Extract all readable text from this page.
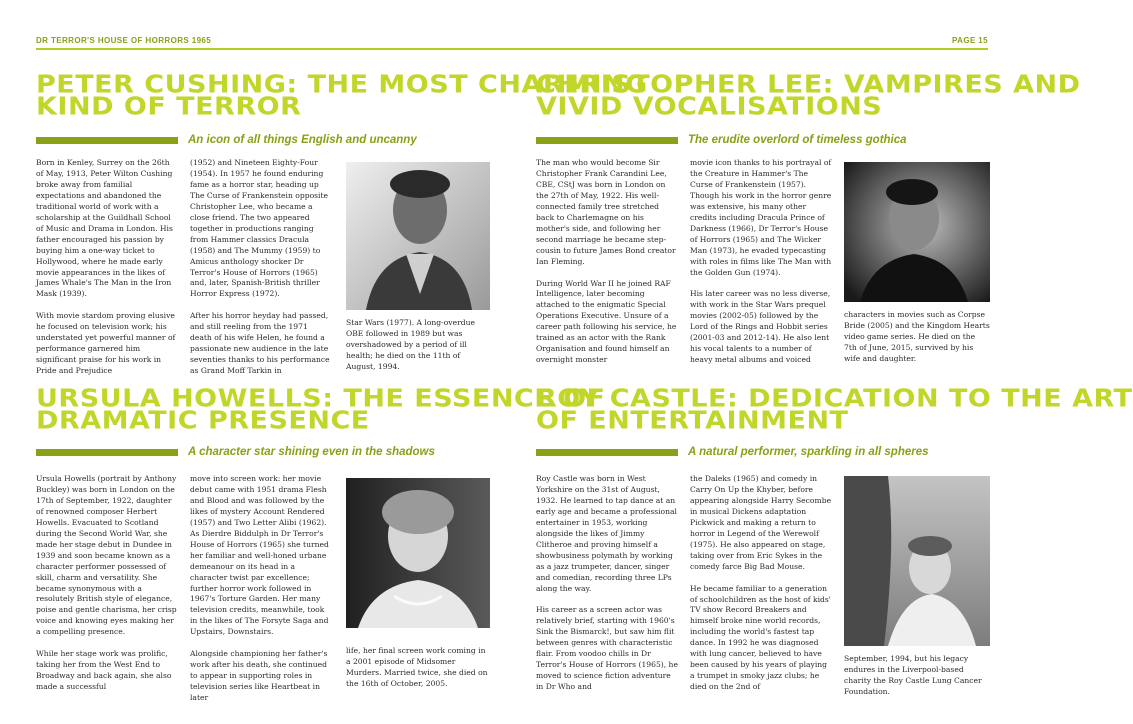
DR TERROR'S HOUSE OF HORRORS 1965	PAGE 15
PETER CUSHING: THE MOST CHARMING
KIND OF TERROR
An icon of all things English and uncanny

Born in Kenley, Surrey on the 26th of May, 1913, Peter Wilton Cushing broke away from familial expectations and abandoned the traditional world of work with a scholarship at the Guildhall School of Music and Drama in London. His father encouraged his passion by buying him a one-way ticket to Hollywood, where he made early movie appearances in the likes of James Whale's The Man in the Iron Mask (1939).

With movie stardom proving elusive he focused on television work; his understated yet powerful manner of performance garnered him significant praise for his work in Pride and Prejudice

(1952) and Nineteen Eighty-Four (1954). In 1957 he found enduring fame as a horror star, heading up The Curse of Frankenstein opposite Christopher Lee, who became a close friend. The two appeared together in productions ranging from Hammer classics Dracula (1958) and The Mummy (1959) to Amicus anthology shocker Dr Terror's House of Horrors (1965) and, later, Spanish-British thriller Horror Express (1972).

After his horror heyday had passed, and still reeling from the 1971 death of his wife Helen, he found a passionate new audience in the late seventies thanks to his performance as Grand Moff Tarkin in

Star Wars (1977). A long-overdue OBE followed in 1989 but was overshadowed by a period of ill health; he died on the 11th of August, 1994.

CHRISTOPHER LEE: VAMPIRES AND
VIVID VOCALISATIONS
The erudite overlord of timeless gothica

The man who would become Sir Christopher Frank Carandini Lee, CBE, CStJ was born in London on the 27th of May, 1922. His well-connected family tree stretched back to Charlemagne on his mother's side, and following her second marriage he became step-cousin to future James Bond creator Ian Fleming.

During World War II he joined RAF Intelligence, later becoming attached to the enigmatic Special Operations Executive. Unsure of a career path following his service, he trained as an actor with the Rank Organisation and found himself an overnight monster

movie icon thanks to his portrayal of the Creature in Hammer's The Curse of Frankenstein (1957). Though his work in the horror genre was extensive, his many other credits including Dracula Prince of Darkness (1966), Dr Terror's House of Horrors (1965) and The Wicker Man (1973), he evaded typecasting with roles in films like The Man with the Golden Gun (1974).

His later career was no less diverse, with work in the Star Wars prequel movies (2002-05) followed by the Lord of the Rings and Hobbit series (2001-03 and 2012-14). He also lent his vocal talents to a number of heavy metal albums and voiced

characters in movies such as Corpse Bride (2005) and the Kingdom Hearts video game series. He died on the 7th of June, 2015, survived by his wife and daughter.

URSULA HOWELLS: THE ESSENCE OF
DRAMATIC PRESENCE
A character star shining even in the shadows

Ursula Howells (portrait by Anthony Buckley) was born in London on the 17th of September, 1922, daughter of renowned composer Herbert Howells. Evacuated to Scotland during the Second World War, she made her stage debut in Dundee in 1939 and soon became known as a character performer possessed of skill, charm and versatility. She became synonymous with a resolutely British style of elegance, poise and gentle charisma, her crisp voice and knowing eyes making her a compelling presence.

While her stage work was prolific, taking her from the West End to Broadway and back again, she also made a successful

move into screen work: her movie debut came with 1951 drama Flesh and Blood and was followed by the likes of mystery Account Rendered (1957) and Two Letter Alibi (1962). As Dierdre Biddulph in Dr Terror's House of Horrors (1965) she turned her familiar and well-honed urbane demeanour on its head in a character twist par excellence; further horror work followed in 1967's Torture Garden. Her many television credits, meanwhile, took in the likes of The Forsyte Saga and Upstairs, Downstairs.

Alongside championing her father's work after his death, she continued to appear in supporting roles in television series like Heartbeat in later

life, her final screen work coming in a 2001 episode of Midsomer Murders. Married twice, she died on the 16th of October, 2005.

ROY CASTLE: DEDICATION TO THE ART
OF ENTERTAINMENT
A natural performer, sparkling in all spheres

Roy Castle was born in West Yorkshire on the 31st of August, 1932. He learned to tap dance at an early age and became a professional entertainer in 1953, working alongside the likes of Jimmy Clitheroe and proving himself a showbusiness polymath by working as a jazz trumpeter, dancer, singer and comedian, recording three LPs along the way.

His career as a screen actor was relatively brief, starting with 1960's Sink the Bismarck!, but saw him flit between genres with characteristic flair. From voodoo chills in Dr Terror's House of Horrors (1965), he moved to science fiction adventure in Dr Who and

the Daleks (1965) and comedy in Carry On Up the Khyber, before appearing alongside Harry Secombe in musical Dickens adaptation Pickwick and making a return to horror in Legend of the Werewolf (1975). He also appeared on stage, taking over from Eric Sykes in the comedy farce Big Bad Mouse.

He became familiar to a generation of schoolchildren as the host of kids' TV show Record Breakers and himself broke nine world records, including the world's fastest tap dance. In 1992 he was diagnosed with lung cancer, believed to have been caused by his years of playing a trumpet in smoky jazz clubs; he died on the 2nd of

September, 1994, but his legacy endures in the Liverpool-based charity the Roy Castle Lung Cancer Foundation.
